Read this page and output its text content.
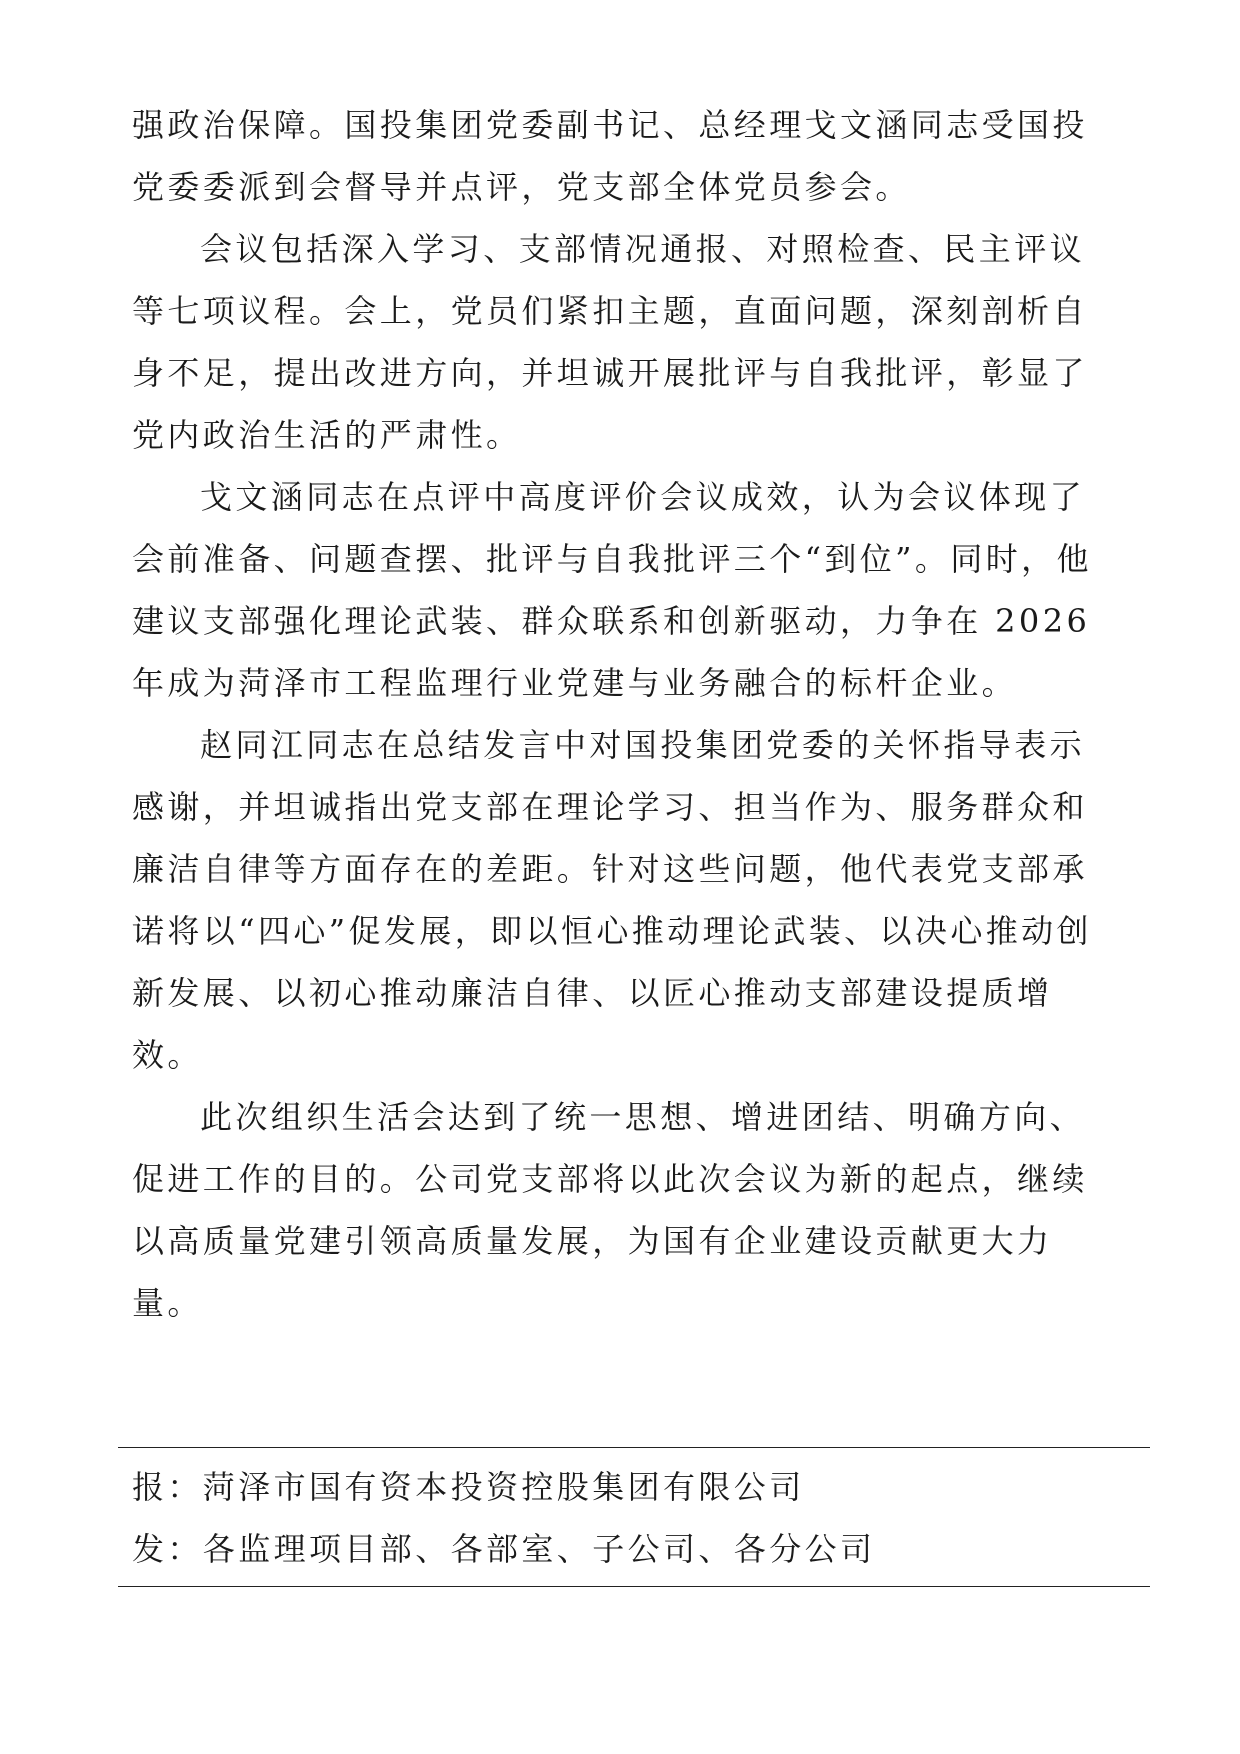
强政治保障。国投集团党委副书记、总经理戈文涵同志受国投党委委派到会督导并点评，党支部全体党员参会。

会议包括深入学习、支部情况通报、对照检查、民主评议等七项议程。会上，党员们紧扣主题，直面问题，深刻剖析自身不足，提出改进方向，并坦诚开展批评与自我批评，彰显了党内政治生活的严肃性。

戈文涵同志在点评中高度评价会议成效，认为会议体现了会前准备、问题查摆、批评与自我批评三个“到位”。同时，他建议支部强化理论武装、群众联系和创新驱动，力争在 2026 年成为菏泽市工程监理行业党建与业务融合的标杆企业。

赵同江同志在总结发言中对国投集团党委的关怀指导表示感谢，并坦诚指出党支部在理论学习、担当作为、服务群众和廉洁自律等方面存在的差距。针对这些问题，他代表党支部承诺将以“四心”促发展，即以恒心推动理论武装、以决心推动创新发展、以初心推动廉洁自律、以匠心推动支部建设提质增效。

此次组织生活会达到了统一思想、增进团结、明确方向、促进工作的目的。公司党支部将以此次会议为新的起点，继续以高质量党建引领高质量发展，为国有企业建设贡献更大力量。

报：菏泽市国有资本投资控股集团有限公司

发：各监理项目部、各部室、子公司、各分公司
